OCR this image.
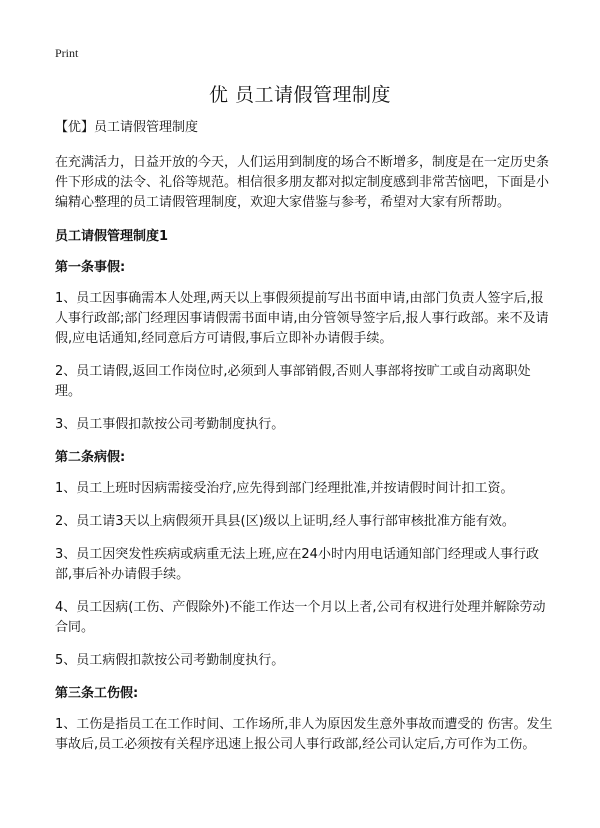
Print
优 员工请假管理制度
【优】员工请假管理制度

在充满活力，日益开放的今天，人们运用到制度的场合不断增多，制度是在一定历史条件下形成的法令、礼俗等规范。相信很多朋友都对拟定制度感到非常苦恼吧，下面是小编精心整理的员工请假管理制度，欢迎大家借鉴与参考，希望对大家有所帮助。

员工请假管理制度1
第一条事假:

1、员工因事确需本人处理,两天以上事假须提前写出书面申请,由部门负责人签字后,报人事行政部;部门经理因事请假需书面申请,由分管领导签字后,报人事行政部。来不及请假,应电话通知,经同意后方可请假,事后立即补办请假手续。

2、员工请假,返回工作岗位时,必须到人事部销假,否则人事部将按旷工或自动离职处理。

3、员工事假扣款按公司考勤制度执行。

第二条病假:

1、员工上班时因病需接受治疗,应先得到部门经理批准,并按请假时间计扣工资。

2、员工请3天以上病假须开具县(区)级以上证明,经人事行部审核批准方能有效。

3、员工因突发性疾病或病重无法上班,应在24小时内用电话通知部门经理或人事行政部,事后补办请假手续。

4、员工因病(工伤、产假除外)不能工作达一个月以上者,公司有权进行处理并解除劳动合同。

5、员工病假扣款按公司考勤制度执行。

第三条工伤假:

1、工伤是指员工在工作时间、工作场所,非人为原因发生意外事故而遭受的 伤害。发生事故后,员工必须按有关程序迅速上报公司人事行政部,经公司认定后,方可作为工伤。
